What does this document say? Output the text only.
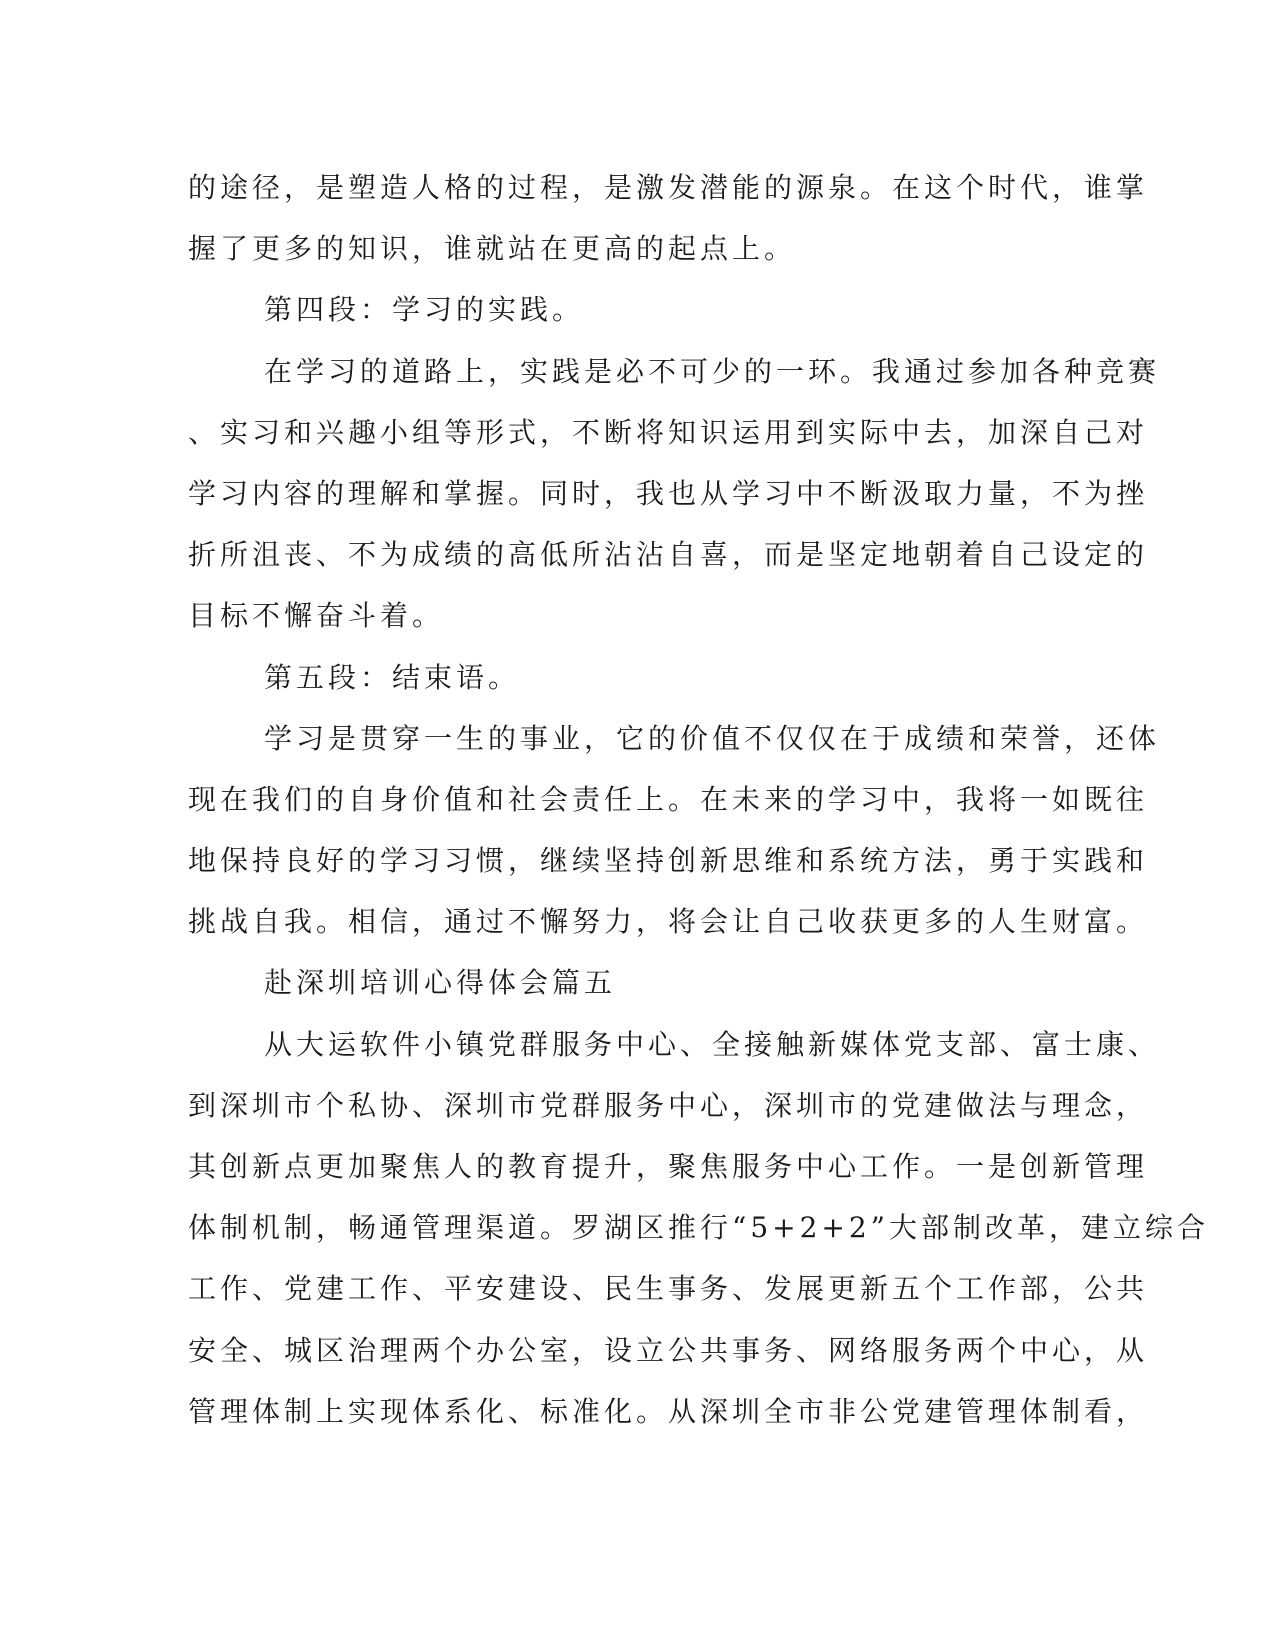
的途径，是塑造人格的过程，是激发潜能的源泉。在这个时代，谁掌
握了更多的知识，谁就站在更高的起点上。
第四段：学习的实践。
在学习的道路上，实践是必不可少的一环。我通过参加各种竞赛
、实习和兴趣小组等形式，不断将知识运用到实际中去，加深自己对
学习内容的理解和掌握。同时，我也从学习中不断汲取力量，不为挫
折所沮丧、不为成绩的高低所沾沾自喜，而是坚定地朝着自己设定的
目标不懈奋斗着。
第五段：结束语。
学习是贯穿一生的事业，它的价值不仅仅在于成绩和荣誉，还体
现在我们的自身价值和社会责任上。在未来的学习中，我将一如既往
地保持良好的学习习惯，继续坚持创新思维和系统方法，勇于实践和
挑战自我。相信，通过不懈努力，将会让自己收获更多的人生财富。
赴深圳培训心得体会篇五
从大运软件小镇党群服务中心、全接触新媒体党支部、富士康、
到深圳市个私协、深圳市党群服务中心，深圳市的党建做法与理念，
其创新点更加聚焦人的教育提升，聚焦服务中心工作。一是创新管理
体制机制，畅通管理渠道。罗湖区推行“5+2+2”大部制改革，建立综合
工作、党建工作、平安建设、民生事务、发展更新五个工作部，公共
安全、城区治理两个办公室，设立公共事务、网络服务两个中心，从
管理体制上实现体系化、标准化。从深圳全市非公党建管理体制看，
